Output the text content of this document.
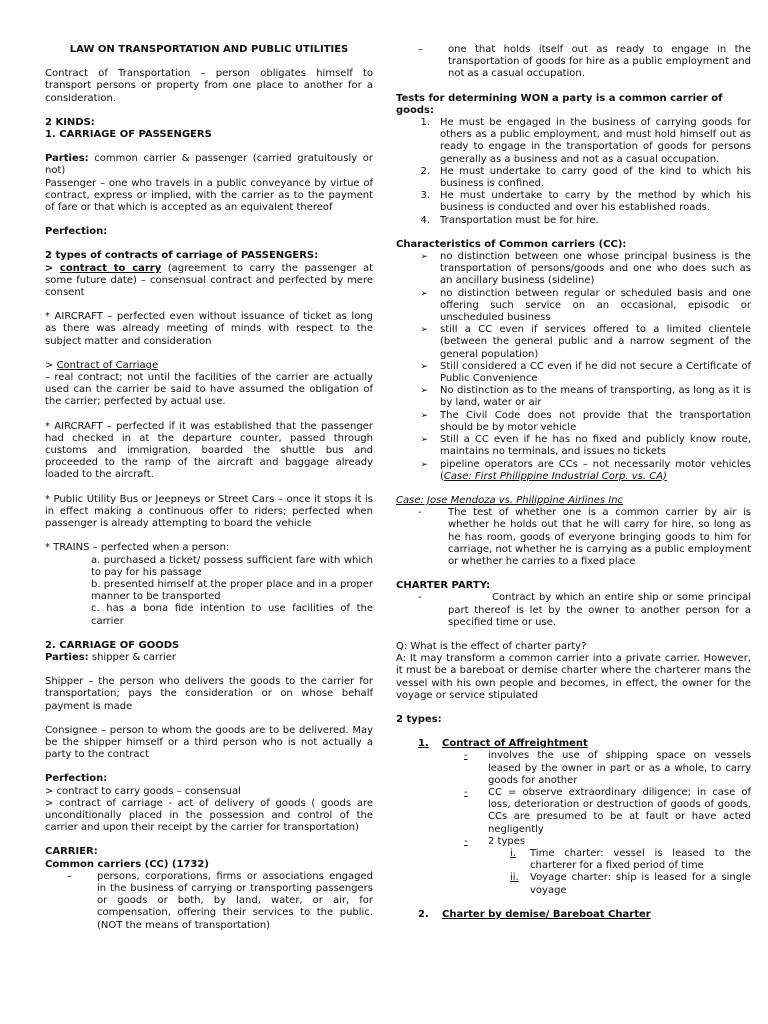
LAW ON TRANSPORTATION AND PUBLIC UTILITIES

Contract of Transportation – person obligates himself to transport persons or property from one place to another for a consideration.

2 KINDS:

1. CARRIAGE OF PASSENGERS

Parties: common carrier & passenger (carried gratuitously or not)

Passenger – one who travels in a public conveyance by virtue of contract, express or implied, with the carrier as to the payment of fare or that which is accepted as an equivalent thereof

Perfection:

2 types of contracts of carriage of PASSENGERS:

> contract to carry (agreement to carry the passenger at some future date) – consensual contract and perfected by mere consent

* AIRCRAFT – perfected even without issuance of ticket as long as there was already meeting of minds with respect to the subject matter and consideration

> Contract of Carriage

– real contract; not until the facilities of the carrier are actually used can the carrier be said to have assumed the obligation of the carrier; perfected by actual use.

* AIRCRAFT – perfected if it was established that the passenger had checked in at the departure counter, passed through customs and immigration, boarded the shuttle bus and proceeded to the ramp of the aircraft and baggage already loaded to the aircraft.

* Public Utility Bus or Jeepneys or Street Cars – once it stops it is in effect making a continuous offer to riders; perfected when passenger is already attempting to board the vehicle

* TRAINS – perfected when a person:

a. purchased a ticket/ possess sufficient fare with which to pay for his passage

b. presented himself at the proper place and in a proper manner to be transported

c. has a bona fide intention to use facilities of the carrier

2. CARRIAGE OF GOODS

Parties: shipper & carrier

Shipper – the person who delivers the goods to the carrier for transportation; pays the consideration or on whose behalf payment is made

Consignee – person to whom the goods are to be delivered. May be the shipper himself or a third person who is not actually a party to the contract

Perfection:

> contract to carry goods – consensual

> contract of carriage - act of delivery of goods ( goods are unconditionally placed in the possession and control of the carrier and upon their receipt by the carrier for transportation)

CARRIER:

Common carriers (CC) (1732)

–	persons, corporations, firms or associations engaged in the business of carrying or transporting passengers or goods or both, by land, water, or air, for compensation, offering their services to the public. (NOT the means of transportation)
–	one that holds itself out as ready to engage in the transportation of goods for hire as a public employment and not as a casual occupation.

Tests for determining WON a party is a common carrier of goods:

1.	He must be engaged in the business of carrying goods for others as a public employment, and must hold himself out as ready to engage in the transportation of goods for persons generally as a business and not as a casual occupation.
2.	He must undertake to carry good of the kind to which his business is confined.
3.	He must undertake to carry by the method by which his business is conducted and over his established roads.
4.	Transportation must be for hire.

Characteristics of Common carriers (CC):

➢	no distinction between one whose principal business is the transportation of persons/goods and one who does such as an ancillary business (sideline)
➢	no distinction between regular or scheduled basis and one offering such service on an occasional, episodic or unscheduled business
➢	still a CC even if services offered to a limited clientele (between the general public and a narrow segment of the general population)
➢	Still considered a CC even if he did not secure a Certificate of Public Convenience
➢	No distinction as to the means of transporting, as long as it is by land, water or air
➢	The Civil Code does not provide that the transportation should be by motor vehicle
➢	Still a CC even if he has no fixed and publicly know route, maintains no terminals, and issues no tickets
➢	pipeline operators are CCs – not necessarily motor vehicles (Case: First Philippine Industrial Corp. vs. CA)

Case: Jose Mendoza vs. Philippine Airlines Inc

-	The test of whether one is a common carrier by air is whether he holds out that he will carry for hire, so long as he has room, goods of everyone bringing goods to him for carriage, not whether he is carrying as a public employment or whether he carries to a fixed place

CHARTER PARTY:

-	Contract by which an entire ship or some principal part thereof is let by the owner to another person for a specified time or use.

Q: What is the effect of charter party?

A: It may transform a common carrier into a private carrier. However, it must be a bareboat or demise charter where the charterer mans the vessel with his own people and becomes, in effect, the owner for the voyage or service stipulated

2 types:

1. Contract of Affreightment

-	involves the use of shipping space on vessels leased by the owner in part or as a whole, to carry goods for another
-	CC = observe extraordinary diligence; in case of loss, deterioration or destruction of goods of goods, CCs are presumed to be at fault or have acted negligently
-	2 types
i.	Time charter: vessel is leased to the charterer for a fixed period of time
ii.	Voyage charter: ship is leased for a single voyage

2. Charter by demise/ Bareboat Charter
